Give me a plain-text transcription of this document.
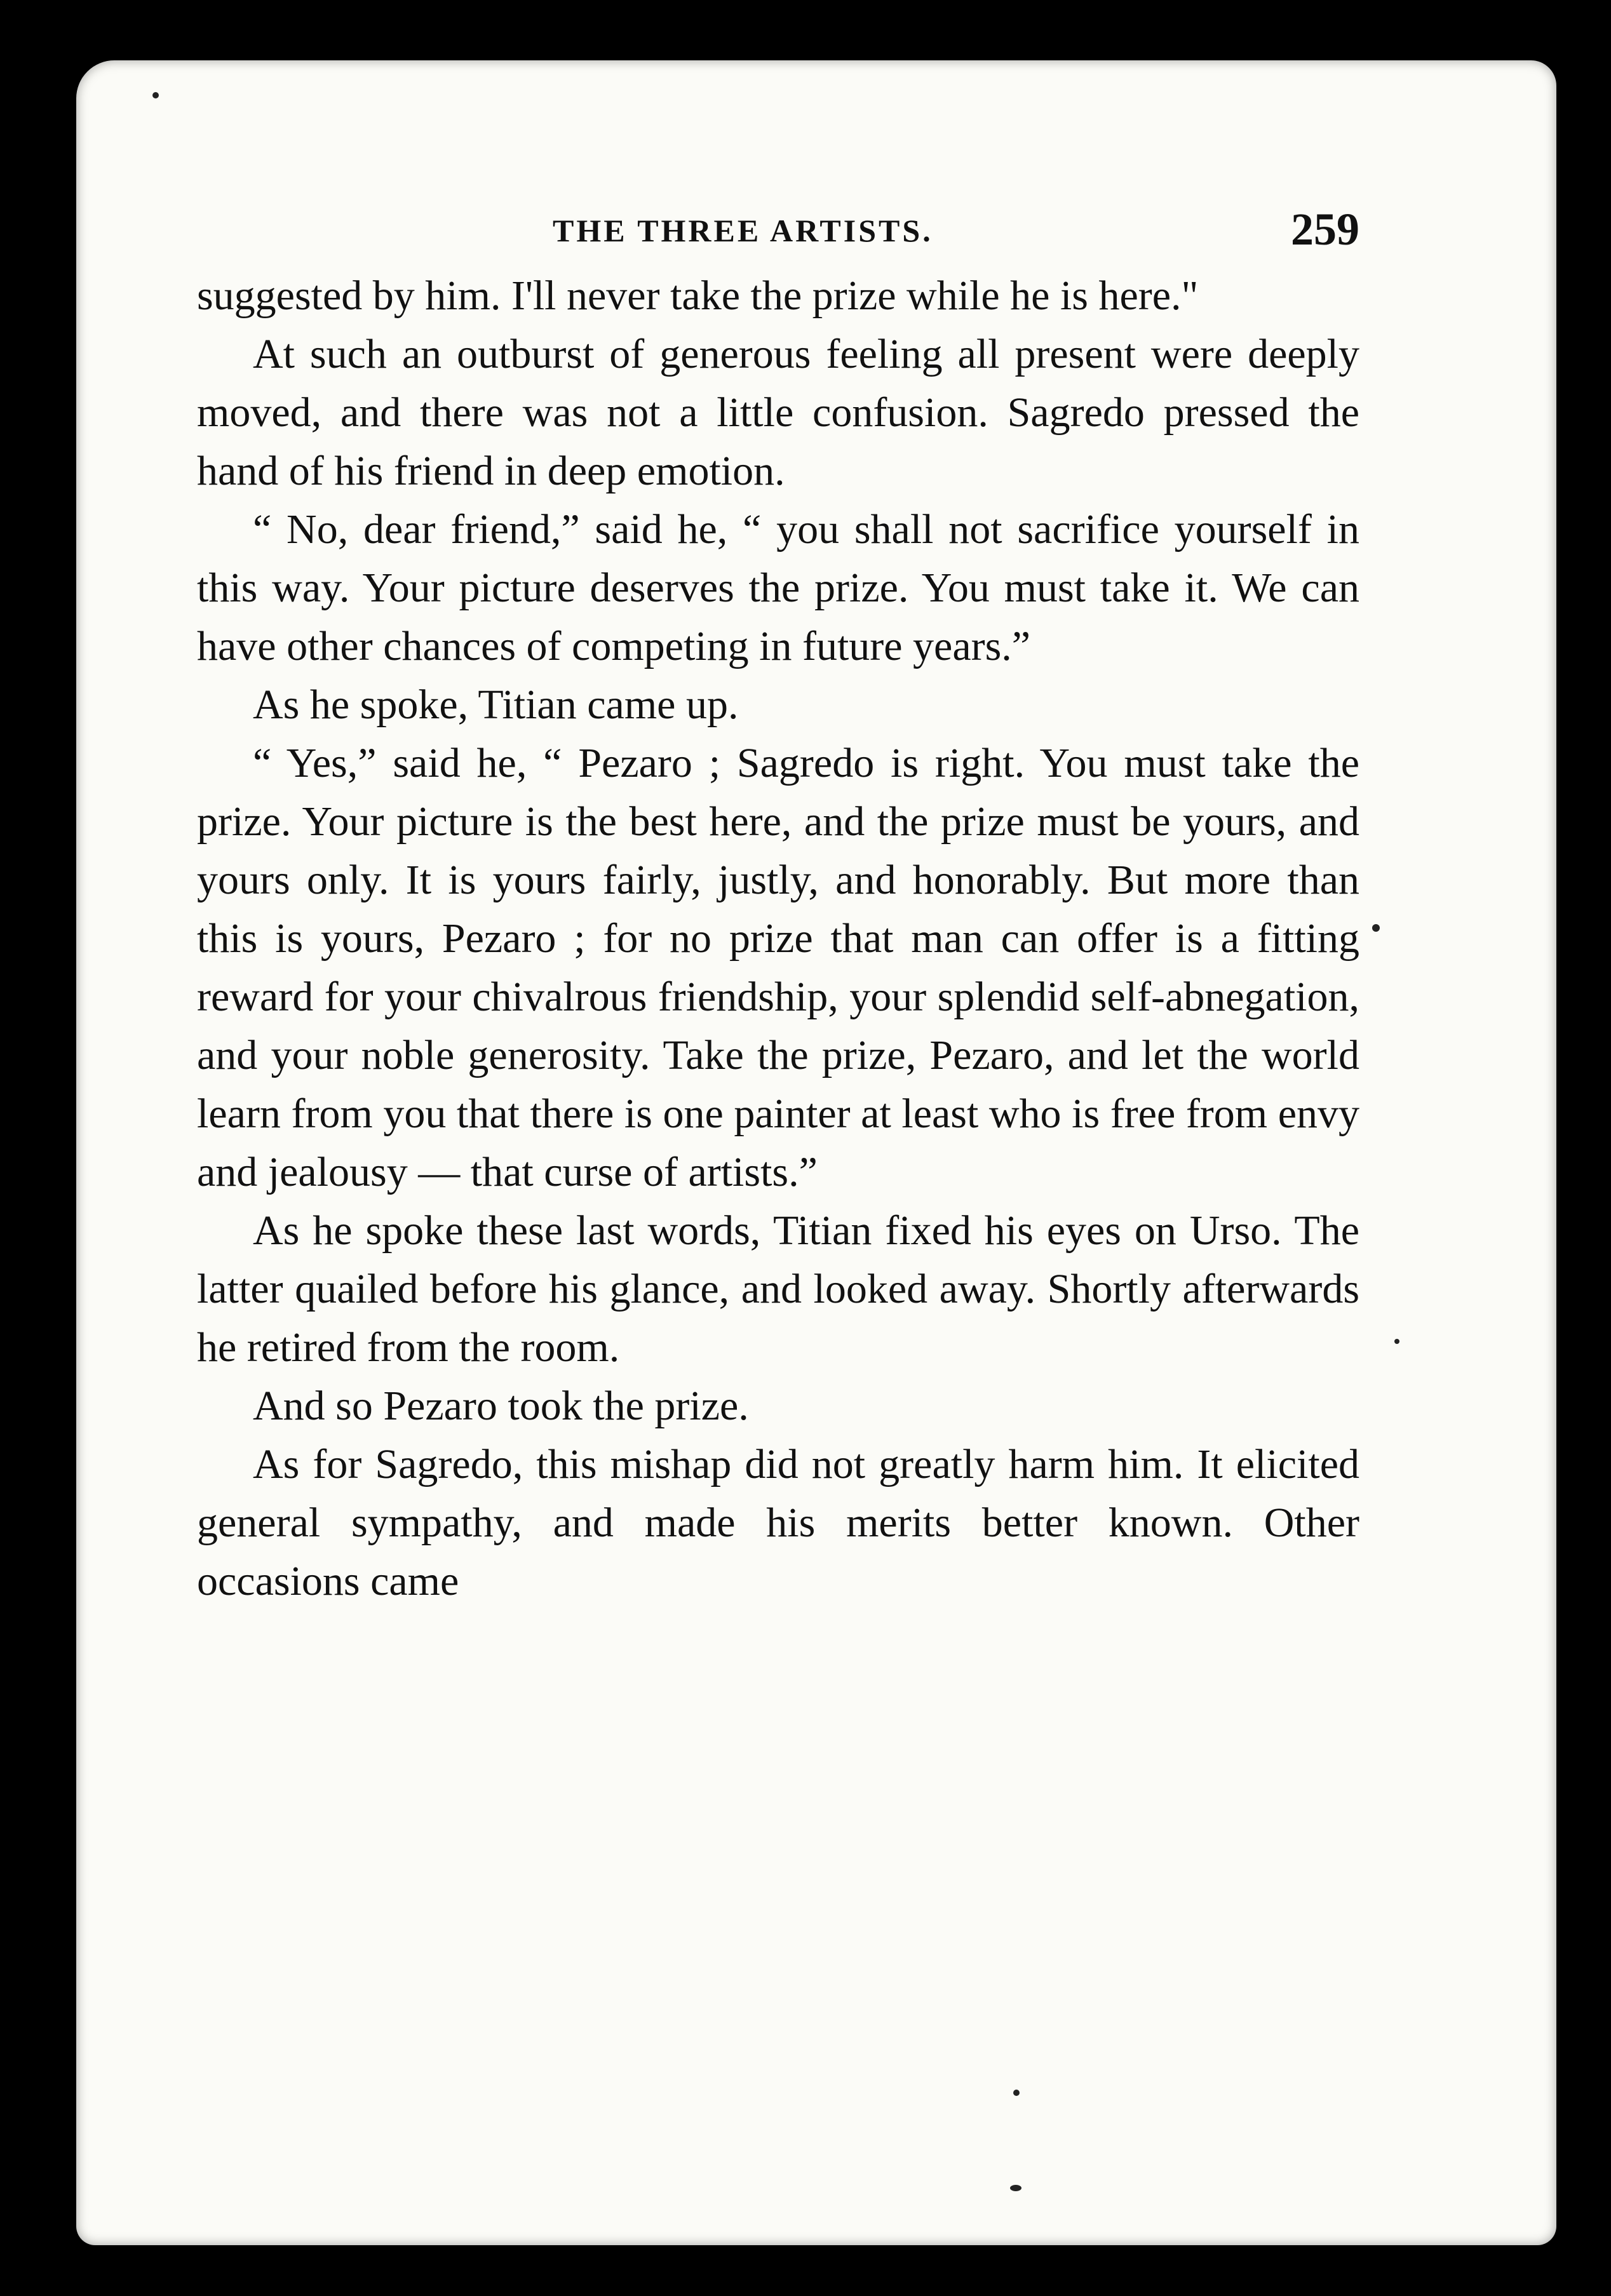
THE THREE ARTISTS.	259

suggested by him. I'll never take the prize while he is here."

At such an outburst of generous feeling all present were deeply moved, and there was not a little confusion. Sagredo pressed the hand of his friend in deep emotion.

“ No, dear friend,” said he, “ you shall not sacrifice yourself in this way. Your picture deserves the prize. You must take it. We can have other chances of competing in future years.”

As he spoke, Titian came up.

“ Yes,” said he, “ Pezaro ; Sagredo is right. You must take the prize. Your picture is the best here, and the prize must be yours, and yours only. It is yours fairly, justly, and honorably. But more than this is yours, Pezaro ; for no prize that man can offer is a fitting reward for your chivalrous friendship, your splendid self-abnegation, and your noble generosity. Take the prize, Pezaro, and let the world learn from you that there is one painter at least who is free from envy and jealousy — that curse of artists.”

As he spoke these last words, Titian fixed his eyes on Urso. The latter quailed before his glance, and looked away. Shortly afterwards he retired from the room.

And so Pezaro took the prize.

As for Sagredo, this mishap did not greatly harm him. It elicited general sympathy, and made his merits better known. Other occasions came
